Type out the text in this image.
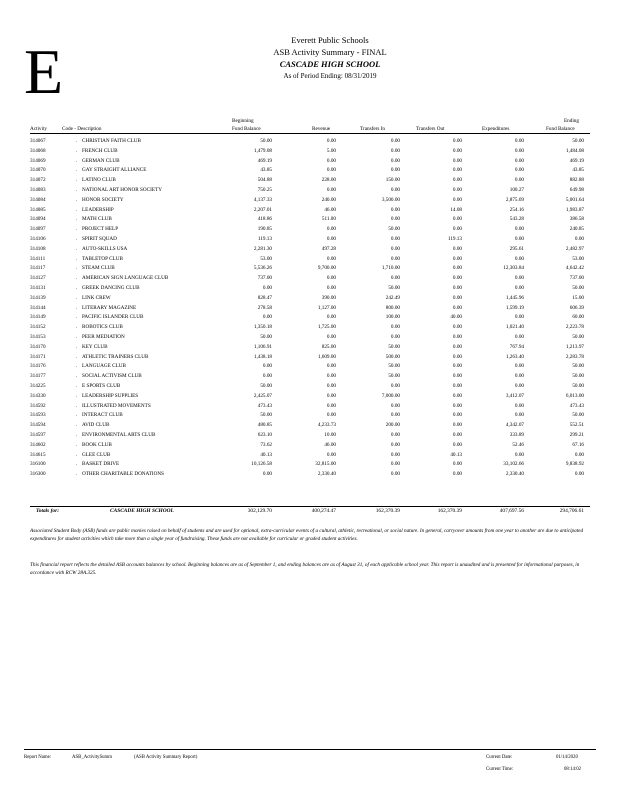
E	Everett Public Schools
ASB Activity Summary - FINAL
CASCADE HIGH SCHOOL
As of Period Ending: 08/31/2019
Activity	Code - Description
Beginning
Fund Balance	Revenue	Transfers In	Transfers Out	Expenditures
Ending
Fund Balance
314067	. CHRISTIAN FAITH CLUB	50.00	0.00	0.00	0.00	0.00	50.00
314068	. FRENCH CLUB	1,479.08	5.00	0.00	0.00	0.00	1,484.08
314069	. GERMAN CLUB	469.19	0.00	0.00	0.00	0.00	469.19
314070	. GAY STRAIGHT ALLIANCE	43.85	0.00	0.00	0.00	0.00	43.85
314072	. LATINO CLUB	504.88	228.00	150.00	0.00	0.00	882.88
314083	. NATIONAL ART HONOR SOCIETY	750.25	0.00	0.00	0.00	100.27	649.98
314084	. HONOR SOCIETY	4,137.33	240.00	3,500.00	0.00	2,875.69	5,001.64
314085	. LEADERSHIP	2,207.01	46.00	0.00	14.08	254.16	1,983.87
314094	. MATH CLUB	418.86	511.00	0.00	0.00	543.28	386.58
314097	. PROJECT HELP	190.85	0.00	50.00	0.00	0.00	240.85
314106	. SPIRIT SQUAD	119.13	0.00	0.00	119.13	0.00	0.00
314108	. AUTO-SKILLS USA	2,281.30	497.28	0.00	0.00	295.61	2,482.97
314111	. TABLETOP CLUB	53.00	0.00	0.00	0.00	0.00	53.00
314117	. STEAM CLUB	5,536.26	9,700.00	1,710.00	0.00	12,303.84	4,642.42
314127	. AMERICAN SIGN LANGUAGE CLUB	737.00	0.00	0.00	0.00	0.00	737.00
314131	. GREEK DANCING CLUB	0.00	0.00	50.00	0.00	0.00	50.00
314139	. LINK CREW	828.47	390.00	242.49	0.00	1,445.96	15.00
314144	. LITERARY MAGAZINE	278.58	1,127.00	800.00	0.00	1,599.19	606.39
314149	. PACIFIC ISLANDER CLUB	0.00	0.00	100.00	40.00	0.00	60.00
314152	. ROBOTICS CLUB	1,350.18	1,725.00	0.00	0.00	1,021.40	2,223.78
314153	. PEER MEDIATION	50.00	0.00	0.00	0.00	0.00	50.00
314170	. KEY CLUB	1,106.91	825.00	50.00	0.00	767.94	1,213.97
314171	. ATHLETIC TRAINERS CLUB	1,438.18	1,609.00	500.00	0.00	1,263.40	2,283.78
314176	. LANGUAGE CLUB	0.00	0.00	50.00	0.00	0.00	50.00
314177	. SOCIAL ACTIVISM CLUB	0.00	0.00	50.00	0.00	0.00	50.00
314225	. E SPORTS CLUB	50.00	0.00	0.00	0.00	0.00	50.00
314330	. LEADERSHIP SUPPLIES	2,425.07	0.00	7,000.00	0.00	3,412.07	6,013.00
314592	. ILLUSTRATED MOVEMENTS	473.43	0.00	0.00	0.00	0.00	473.43
314593	. INTERACT CLUB	50.00	0.00	0.00	0.00	0.00	50.00
314594	. AVID CLUB	480.85	4,233.73	200.00	0.00	4,342.07	552.51
314597	. ENVIRONMENTAL ARTS CLUB	623.10	10.00	0.00	0.00	333.89	299.21
314602	. BOOK CLUB	73.62	46.00	0.00	0.00	52.46	67.16
314615	. GLEE CLUB	40.13	0.00	0.00	40.13	0.00	0.00
316100	. BASKET DRIVE	10,126.58	32,815.00	0.00	0.00	33,102.66	9,838.92
316300	. OTHER CHARITABLE DONATIONS	0.00	2,330.40	0.00	0.00	2,330.40	0.00
Totals for:	CASCADE HIGH SCHOOL	302,129.70	400,274.47	162,370.39	162,370.39	407,697.56	294,706.61
Associated Student Body (ASB) funds are public monies raised on behalf of students and are used for optional, extra-curricular events of a cultural, athletic, recreational, or social nature. In general, carryover amounts from one year to another are due to anticipated expenditures for student activities which take more than a single year of fundraising. These funds are not available for curricular or graded student activities.
This financial report reflects the detailed ASB accounts balances by school. Beginning balances are as of September 1, and ending balances are as of August 31, of each applicable school year. This report is unaudited and is presented for informational purposes, in accordance with RCW 28A.325.
Report Name:	ASB_ActivitySumm	(ASB Activity Summary Report)	Current Date:	01/14/2020
Current Time:	08:14:02
